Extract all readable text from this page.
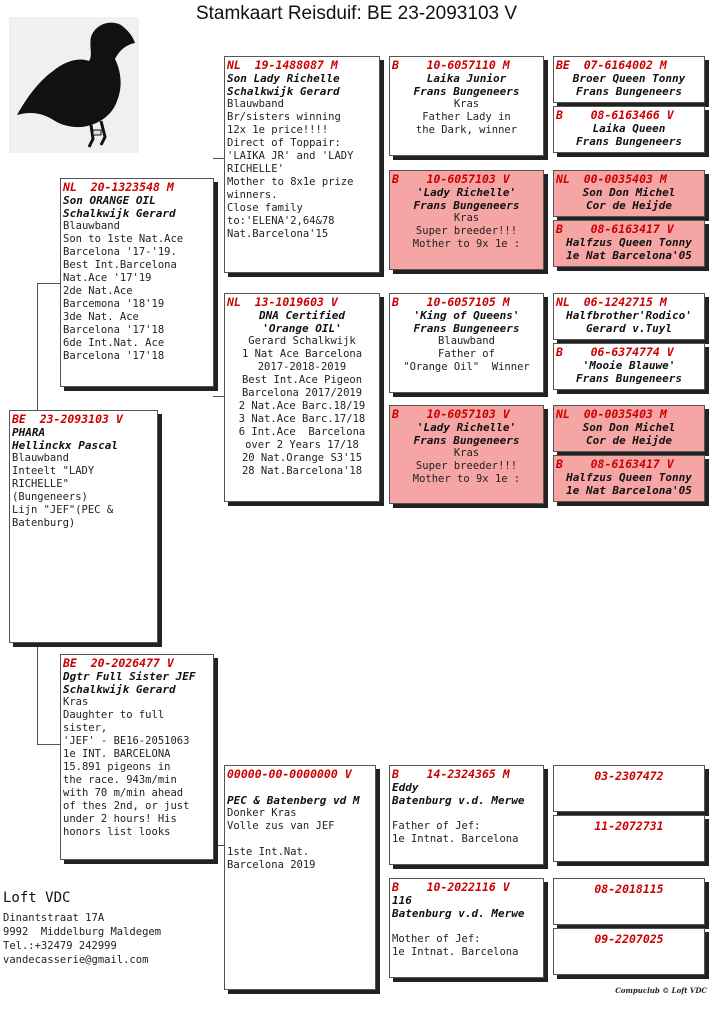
Stamkaart Reisduif: BE 23-2093103 V
BE  23-2093103 V
PHARA
Hellinckx Pascal
Blauwband
Inteelt "LADY
RICHELLE"
(Bungeneers)
Lijn "JEF"(PEC &
Batenburg)
NL  20-1323548 M
Son ORANGE OIL
Schalkwijk Gerard
Blauwband
Son to 1ste Nat.Ace
Barcelona '17-'19.
Best Int.Barcelona
Nat.Ace '17'19
2de Nat.Ace
Barcemona '18'19
3de Nat. Ace
Barcelona '17'18
6de Int.Nat. Ace
Barcelona '17'18
BE  20-2026477 V
Dgtr Full Sister JEF
Schalkwijk Gerard
Kras
Daughter to full
sister,
'JEF' - BE16-2051063
1e INT. BARCELONA
15.891 pigeons in
the race. 943m/min
with 70 m/min ahead
of thes 2nd, or just
under 2 hours! His
honors list looks
NL  19-1488087 M
Son Lady Richelle
Schalkwijk Gerard
Blauwband
Br/sisters winning
12x 1e price!!!!
Direct of Toppair:
'LAIKA JR' and 'LADY
RICHELLE'
Mother to 8x1e prize
winners.
Close family
to:'ELENA'2,64&78
Nat.Barcelona'15
NL  13-1019603 V
DNA Certified
'Orange OIL'
Gerard Schalkwijk
1 Nat Ace Barcelona
2017-2018-2019
Best Int.Ace Pigeon
Barcelona 2017/2019
2 Nat.Ace Barc.18/19
3 Nat.Ace Barc.17/18
6 Int.Ace  Barcelona
over 2 Years 17/18
20 Nat.Orange S3'15
28 Nat.Barcelona'18
00000-00-0000000 V

PEC & Batenberg vd M
Donker Kras
Volle zus van JEF

1ste Int.Nat.
Barcelona 2019
B    10-6057110 M
Laika Junior
Frans Bungeneers
Kras
Father Lady in
the Dark, winner
B    10-6057103 V
'Lady Richelle'
Frans Bungeneers
Kras
Super breeder!!!
Mother to 9x 1e :
B    10-6057105 M
'King of Queens'
Frans Bungeneers
Blauwband
Father of
"Orange Oil"  Winner
B    10-6057103 V
'Lady Richelle'
Frans Bungeneers
Kras
Super breeder!!!
Mother to 9x 1e :
B    14-2324365 M
Eddy
Batenburg v.d. Merwe

Father of Jef:
1e Intnat. Barcelona
B    10-2022116 V
116
Batenburg v.d. Merwe

Mother of Jef:
1e Intnat. Barcelona
BE  07-6164002 M
Broer Queen Tonny
Frans Bungeneers
B    08-6163466 V
Laika Queen
Frans Bungeneers
NL  00-0035403 M
Son Don Michel
Cor de Heijde
B    08-6163417 V
Halfzus Queen Tonny
1e Nat Barcelona'05
NL  06-1242715 M
Halfbrother'Rodico'
Gerard v.Tuyl
B    06-6374774 V
'Mooie Blauwe'
Frans Bungeneers
NL  00-0035403 M
Son Don Michel
Cor de Heijde
B    08-6163417 V
Halfzus Queen Tonny
1e Nat Barcelona'05
03-2307472
11-2072731
08-2018115
09-2207025
Loft VDC
Dinantstraat 17A
9992  Middelburg Maldegem
Tel.:+32479 242999
vandecasserie@gmail.com
Compuclub © Loft VDC
